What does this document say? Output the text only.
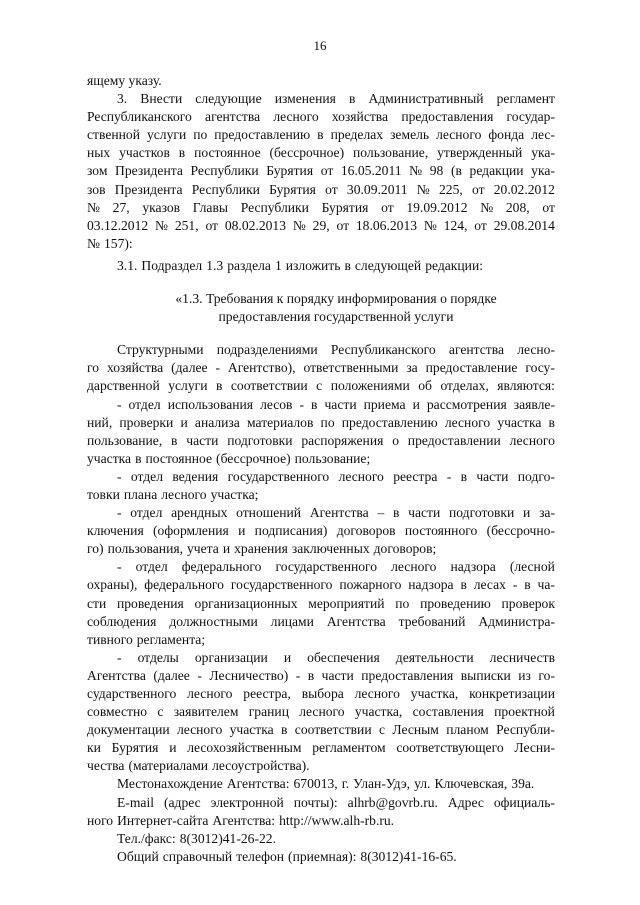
16
ящему указу.
3. Внести следующие изменения в Административный регламент
Республиканского агентства лесного хозяйства предоставления государ-
ственной услуги по предоставлению в пределах земель лесного фонда лес-
ных участков в постоянное (бессрочное) пользование, утвержденный ука-
зом Президента Республики Бурятия от 16.05.2011 № 98 (в редакции ука-
зов Президента Республики Бурятия от 30.09.2011 № 225, от 20.02.2012
№ 27, указов Главы Республики Бурятия от 19.09.2012 № 208, от
03.12.2012 № 251, от 08.02.2013 № 29, от 18.06.2013 № 124, от 29.08.2014
№ 157):
3.1. Подраздел 1.3 раздела 1 изложить в следующей редакции:

«1.3. Требования к порядку информирования о порядке

предоставления государственной услуги

Структурными подразделениями Республиканского агентства лесно-
го хозяйства (далее - Агентство), ответственными за предоставление госу-
дарственной услуги в соответствии с положениями об отделах, являются:
- отдел использования лесов - в части приема и рассмотрения заявле-
ний, проверки и анализа материалов по предоставлению лесного участка в
пользование, в части подготовки распоряжения о предоставлении лесного
участка в постоянное (бессрочное) пользование;
- отдел ведения государственного лесного реестра - в части подго-
товки плана лесного участка;
- отдел арендных отношений Агентства – в части подготовки и за-
ключения (оформления и подписания) договоров постоянного (бессрочно-
го) пользования, учета и хранения заключенных договоров;
- отдел федерального государственного лесного надзора (лесной
охраны), федерального государственного пожарного надзора в лесах - в ча-
сти проведения организационных мероприятий по проведению проверок
соблюдения должностными лицами Агентства требований Администра-
тивного регламента;
- отделы организации и обеспечения деятельности лесничеств
Агентства (далее - Лесничество) - в части предоставления выписки из го-
сударственного лесного реестра, выбора лесного участка, конкретизации
совместно с заявителем границ лесного участка, составления проектной
документации лесного участка в соответствии с Лесным планом Республи-
ки Бурятия и лесохозяйственным регламентом соответствующего Лесни-
чества (материалами лесоустройства).
Местонахождение Агентства: 670013, г. Улан-Удэ, ул. Ключевская, 39а.
E-mail (адрес электронной почты): alhrb@govrb.ru. Адрес официаль-
ного Интернет-сайта Агентства: http://www.alh-rb.ru.
Тел./факс: 8(3012)41-26-22.
Общий справочный телефон (приемная): 8(3012)41-16-65.
